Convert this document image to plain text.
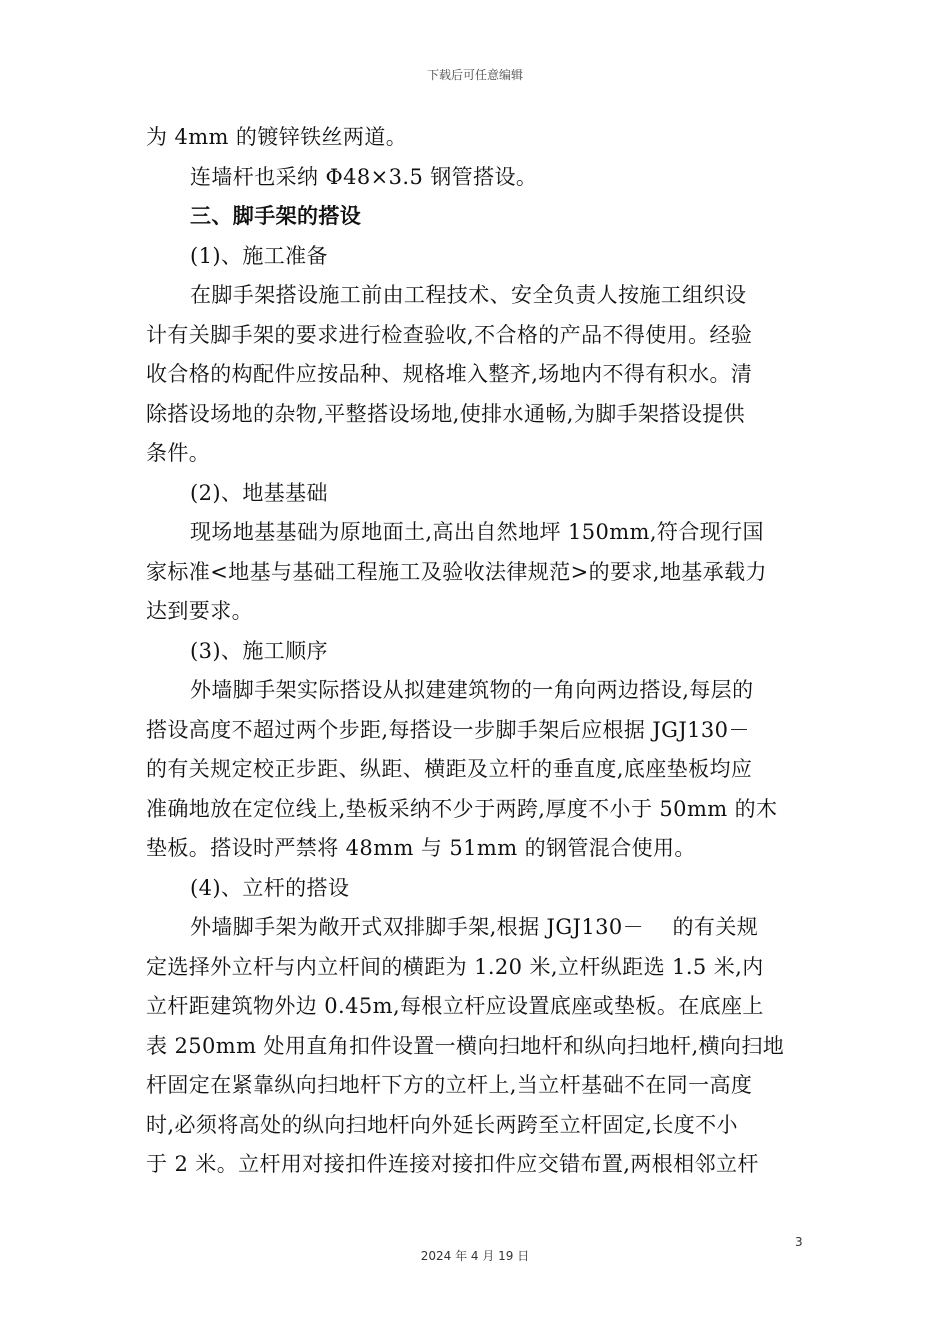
下载后可任意编辑

为 4mm 的镀锌铁丝两道。

连墙杆也采纳 Φ48×3.5 钢管搭设。

三、脚手架的搭设

(1)、施工准备

在脚手架搭设施工前由工程技术、安全负责人按施工组织设
计有关脚手架的要求进行检查验收,不合格的产品不得使用。经验
收合格的构配件应按品种、规格堆入整齐,场地内不得有积水。清
除搭设场地的杂物,平整搭设场地,使排水通畅,为脚手架搭设提供
条件。

(2)、地基基础

现场地基基础为原地面土,高出自然地坪 150mm,符合现行国
家标准<地基与基础工程施工及验收法律规范>的要求,地基承载力
达到要求。

(3)、施工顺序

外墙脚手架实际搭设从拟建建筑物的一角向两边搭设,每层的
搭设高度不超过两个步距,每搭设一步脚手架后应根据 JGJ130－
的有关规定校正步距、纵距、横距及立杆的垂直度,底座垫板均应
准确地放在定位线上,垫板采纳不少于两跨,厚度不小于 50mm 的木
垫板。搭设时严禁将 48mm 与 51mm 的钢管混合使用。

(4)、立杆的搭设

外墙脚手架为敞开式双排脚手架,根据 JGJ130－　 的有关规
定选择外立杆与内立杆间的横距为 1.20 米,立杆纵距选 1.5 米,内
立杆距建筑物外边 0.45m,每根立杆应设置底座或垫板。在底座上
表 250mm 处用直角扣件设置一横向扫地杆和纵向扫地杆,横向扫地
杆固定在紧靠纵向扫地杆下方的立杆上,当立杆基础不在同一高度
时,必须将高处的纵向扫地杆向外延长两跨至立杆固定,长度不小
于 2 米。立杆用对接扣件连接对接扣件应交错布置,两根相邻立杆

3
2024 年 4 月 19 日
